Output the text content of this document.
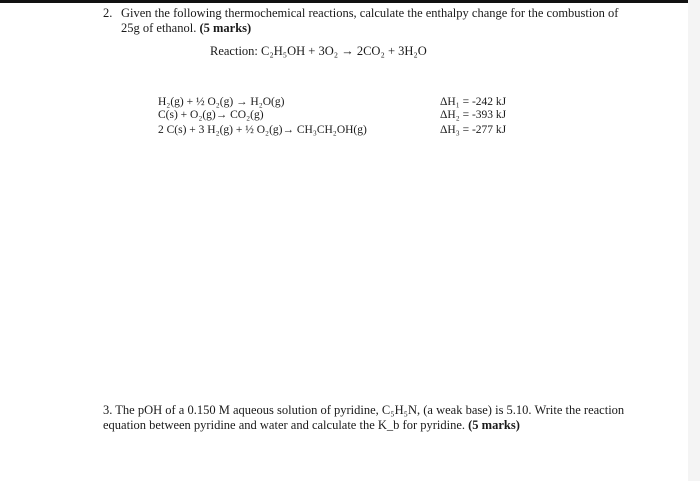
2. Given the following thermochemical reactions, calculate the enthalpy change for the combustion of
25g of ethanol. (5 marks)
Reaction: C₂H₅OH + 3O₂ → 2CO₂ + 3H₂O
H₂(g) + ½ O₂(g) → H₂O(g)
C(s) + O₂(g)→ CO₂(g)
2 C(s) + 3 H₂(g) + ½ O₂(g)→ CH₃CH₂OH(g)
ΔH₁ = -242 kJ
ΔH₂ = -393 kJ
ΔH₃ = -277 kJ
3. The pOH of a 0.150 M aqueous solution of pyridine, C₅H₅N, (a weak base) is 5.10. Write the reaction
equation between pyridine and water and calculate the K_b for pyridine. (5 marks)
